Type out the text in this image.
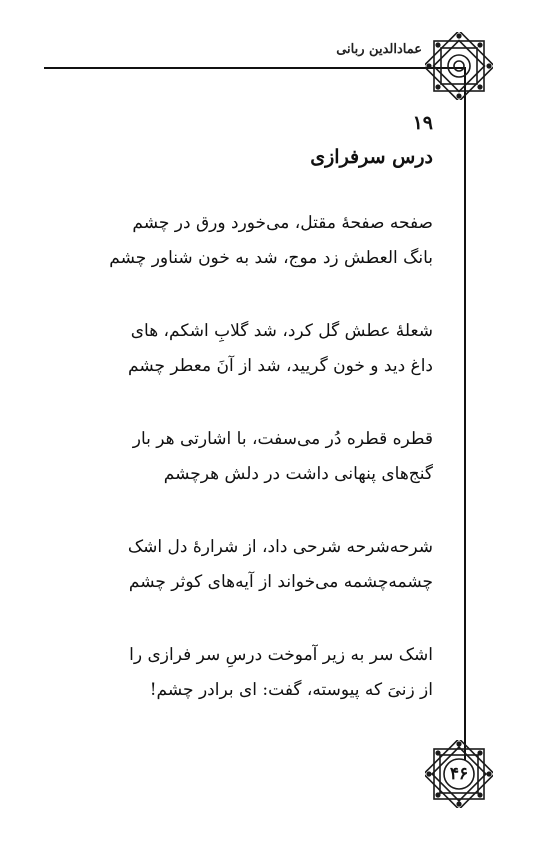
عمادالدین ربانی
۴۶
۱۹
درس سرفرازی
صفحه صفحهٔ مقتل، می‌خورد ورق در چشم
بانگ العطش زد موج، شد به خون شناور چشم
شعلهٔ عطش گل کرد، شد گلابِ اشکم، های
داغ دید و خون گریید، شد از آنَ معطر چشم
قطره قطره دُر می‌سفت، با اشارتی هر بار
گنج‌های پنهانی داشت در دلش هرچشم
شرحه‌شرحه شرحی داد، از شرارهٔ دل اشک
چشمه‌چشمه می‌خواند از آیه‌های کوثر چشم
اشک سر به زیر آموخت درسِ سر فرازی را
از زنیَ که پیوسته، گفت: ای برادر چشم!
